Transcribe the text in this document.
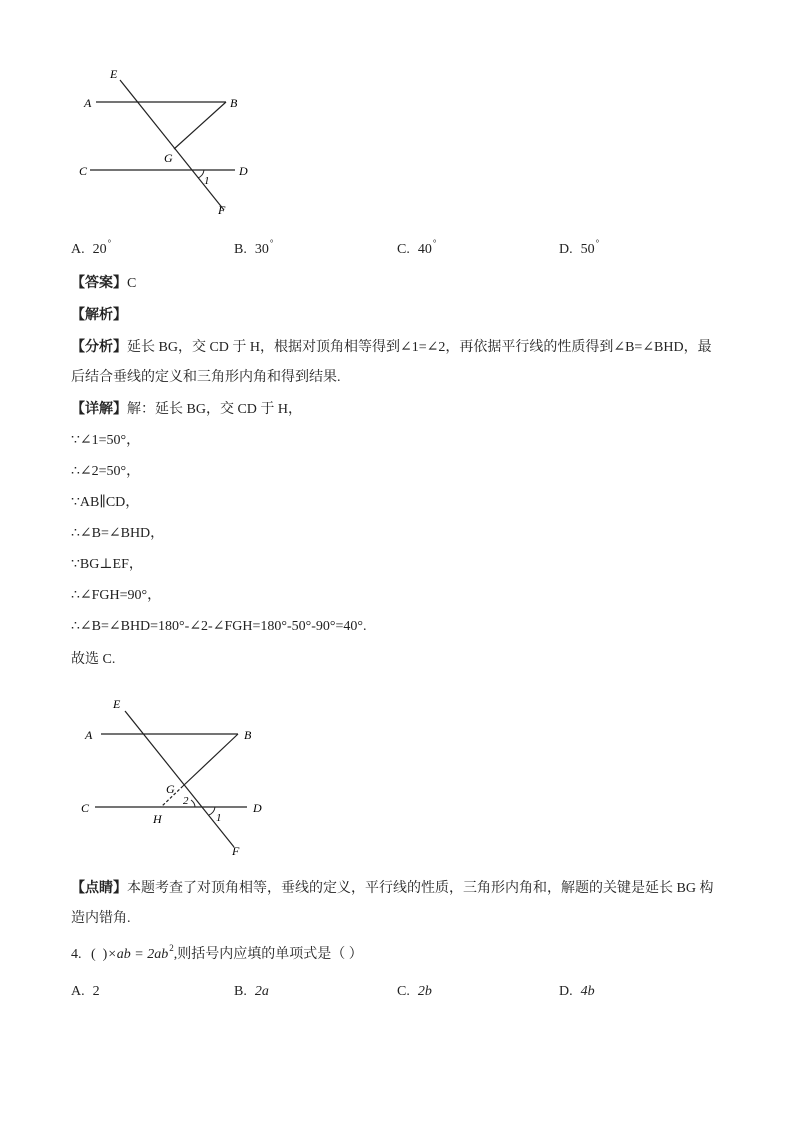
E
A	B
G
C	D
1
F
A. 20°	B. 30°	C. 40°	D. 50°
【答案】C
【解析】
【分析】延长 BG，交 CD 于 H，根据对顶角相等得到∠1=∠2，再依据平行线的性质得到∠B=∠BHD，最
后结合垂线的定义和三角形内角和得到结果.
【详解】解：延长 BG，交 CD 于 H，
∵∠1=50°，
∴∠2=50°，
∵AB∥CD，
∴∠B=∠BHD，
∵BG⊥EF，
∴∠FGH=90°，
∴∠B=∠BHD=180°-∠2-∠FGH=180°-50°-90°=40°.
故选 C.
E
A	B
G
2
C	D
H	1
F
【点睛】本题考查了对顶角相等，垂线的定义，平行线的性质，三角形内角和，解题的关键是延长 BG 构
造内错角.
4. (  )$\times ab = 2ab^2$,则括号内应填的单项式是（ ）
A. 2	B. 2a	C. 2b	D. 4b
